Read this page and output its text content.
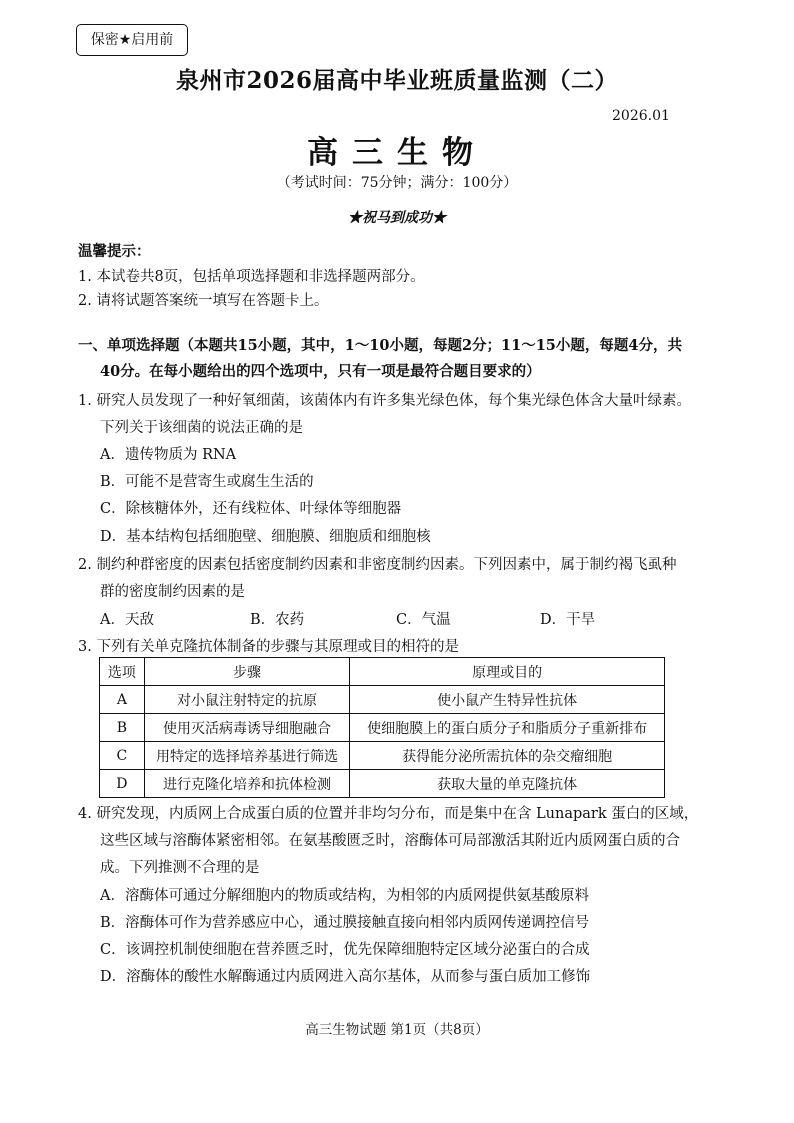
保密★启用前
泉州市2026届高中毕业班质量监测（二）
2026.01
高三生物
（考试时间：75分钟；满分：100分）
★祝马到成功★
温馨提示：
1. 本试卷共8页，包括单项选择题和非选择题两部分。
2. 请将试题答案统一填写在答题卡上。
一、单项选择题（本题共15小题，其中，1～10小题，每题2分；11～15小题，每题4分，共
40分。在每小题给出的四个选项中，只有一项是最符合题目要求的）
1. 研究人员发现了一种好氧细菌，该菌体内有许多集光绿色体，每个集光绿色体含大量叶绿素。
下列关于该细菌的说法正确的是
A．遗传物质为 RNA
B．可能不是营寄生或腐生生活的
C．除核糖体外，还有线粒体、叶绿体等细胞器
D．基本结构包括细胞壁、细胞膜、细胞质和细胞核
2. 制约种群密度的因素包括密度制约因素和非密度制约因素。下列因素中，属于制约褐飞虱种
群的密度制约因素的是
A．天敌	B．农药	C．气温	D．干旱
3. 下列有关单克隆抗体制备的步骤与其原理或目的相符的是
选项	步骤	原理或目的
A	对小鼠注射特定的抗原	使小鼠产生特异性抗体
B	使用灭活病毒诱导细胞融合	使细胞膜上的蛋白质分子和脂质分子重新排布
C	用特定的选择培养基进行筛选	获得能分泌所需抗体的杂交瘤细胞
D	进行克隆化培养和抗体检测	获取大量的单克隆抗体
4. 研究发现，内质网上合成蛋白质的位置并非均匀分布，而是集中在含 Lunapark 蛋白的区域，
这些区域与溶酶体紧密相邻。在氨基酸匮乏时，溶酶体可局部激活其附近内质网蛋白质的合
成。下列推测不合理的是
A．溶酶体可通过分解细胞内的物质或结构，为相邻的内质网提供氨基酸原料
B．溶酶体可作为营养感应中心，通过膜接触直接向相邻内质网传递调控信号
C．该调控机制使细胞在营养匮乏时，优先保障细胞特定区域分泌蛋白的合成
D．溶酶体的酸性水解酶通过内质网进入高尔基体，从而参与蛋白质加工修饰
高三生物试题 第1页（共8页）
